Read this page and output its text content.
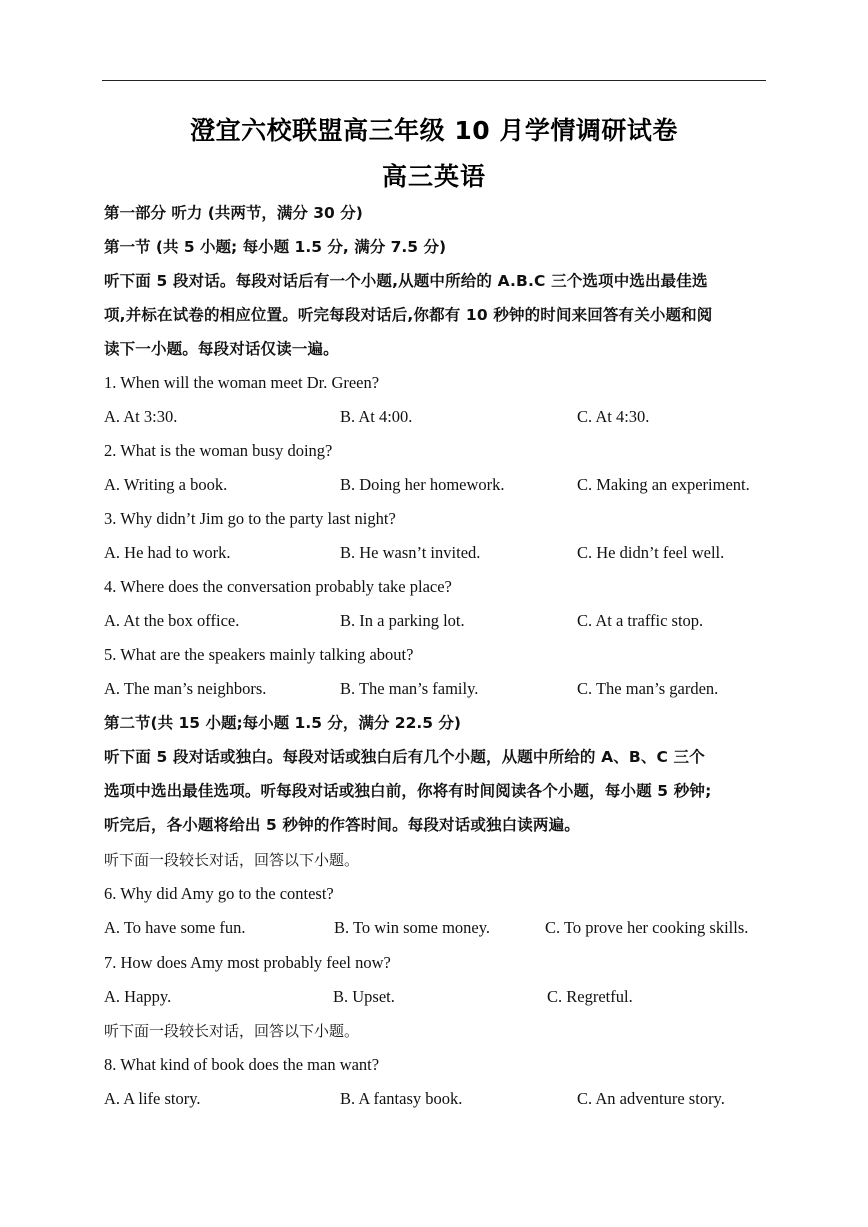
澄宜六校联盟高三年级 10 月学情调研试卷
高三英语
第一部分 听力 (共两节，满分 30 分)
第一节 (共 5 小题; 每小题 1.5 分, 满分 7.5 分)
听下面 5 段对话。每段对话后有一个小题,从题中所给的 A.B.C 三个选项中选出最佳选
项,并标在试卷的相应位置。听完每段对话后,你都有 10 秒钟的时间来回答有关小题和阅
读下一小题。每段对话仅读一遍。
1. When will the woman meet Dr. Green?
A. At 3:30.	B. At 4:00.	C. At 4:30.
2. What is the woman busy doing?
A. Writing a book.	B. Doing her homework.	C. Making an experiment.
3. Why didn’t Jim go to the party last night?
A. He had to work.	B. He wasn’t invited.	C. He didn’t feel well.
4. Where does the conversation probably take place?
A. At the box office.	B. In a parking lot.	C. At a traffic stop.
5. What are the speakers mainly talking about?
A. The man’s neighbors.	B. The man’s family.	C. The man’s garden.
第二节(共 15 小题;每小题 1.5 分，满分 22.5 分)
听下面 5 段对话或独白。每段对话或独白后有几个小题，从题中所给的 A、B、C 三个
选项中选出最佳选项。听每段对话或独白前，你将有时间阅读各个小题，每小题 5 秒钟;
听完后，各小题将给出 5 秒钟的作答时间。每段对话或独白读两遍。
听下面一段较长对话，回答以下小题。
6. Why did Amy go to the contest?
A. To have some fun.	B. To win some money.	C. To prove her cooking skills.
7. How does Amy most probably feel now?
A. Happy.	B. Upset.	C. Regretful.
听下面一段较长对话，回答以下小题。
8. What kind of book does the man want?
A. A life story.	B. A fantasy book.	C. An adventure story.
